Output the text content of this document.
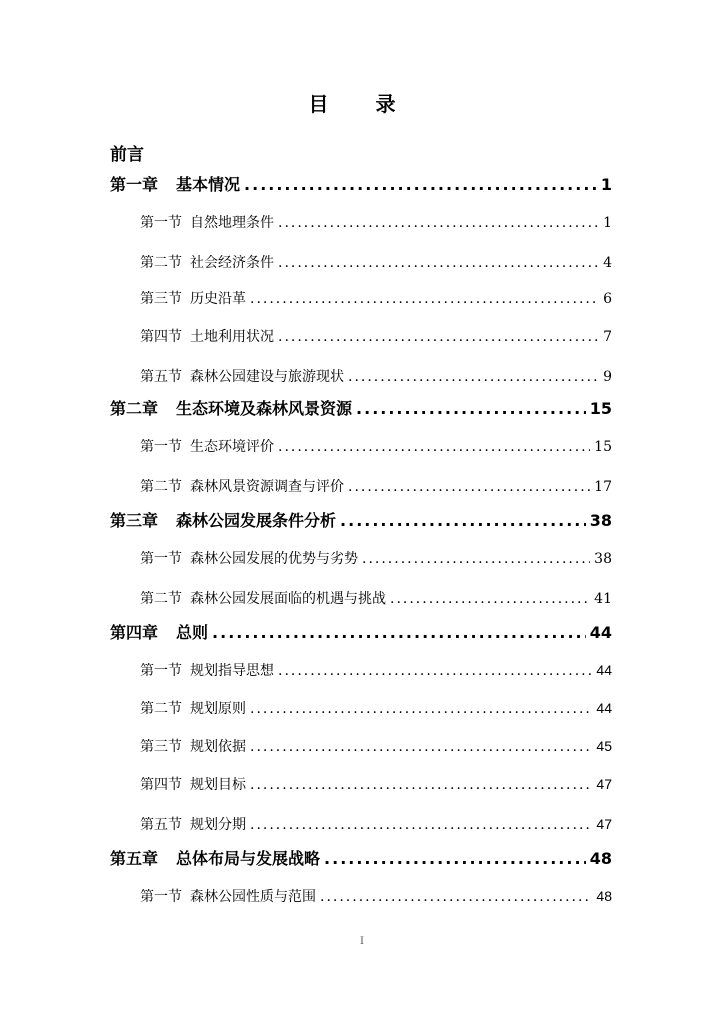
目 录
前言
第一章 基本情况 .....	1
第一节 自然地理条件 .....	1
第二节 社会经济条件 .....	4
第三节 历史沿革 .....	6
第四节 土地利用状况 .....	7
第五节 森林公园建设与旅游现状 .....	9
第二章 生态环境及森林风景资源 .....	15
第一节 生态环境评价 .....	15
第二节 森林风景资源调查与评价 .....	17
第三章 森林公园发展条件分析 .....	38
第一节 森林公园发展的优势与劣势 .....	38
第二节 森林公园发展面临的机遇与挑战 .....	41
第四章 总则 .....	44
第一节 规划指导思想 .....	44
第二节 规划原则 .....	44
第三节 规划依据 .....	45
第四节 规划目标 .....	47
第五节 规划分期 .....	47
第五章 总体布局与发展战略 .....	48
第一节 森林公园性质与范围 .....	48
I
